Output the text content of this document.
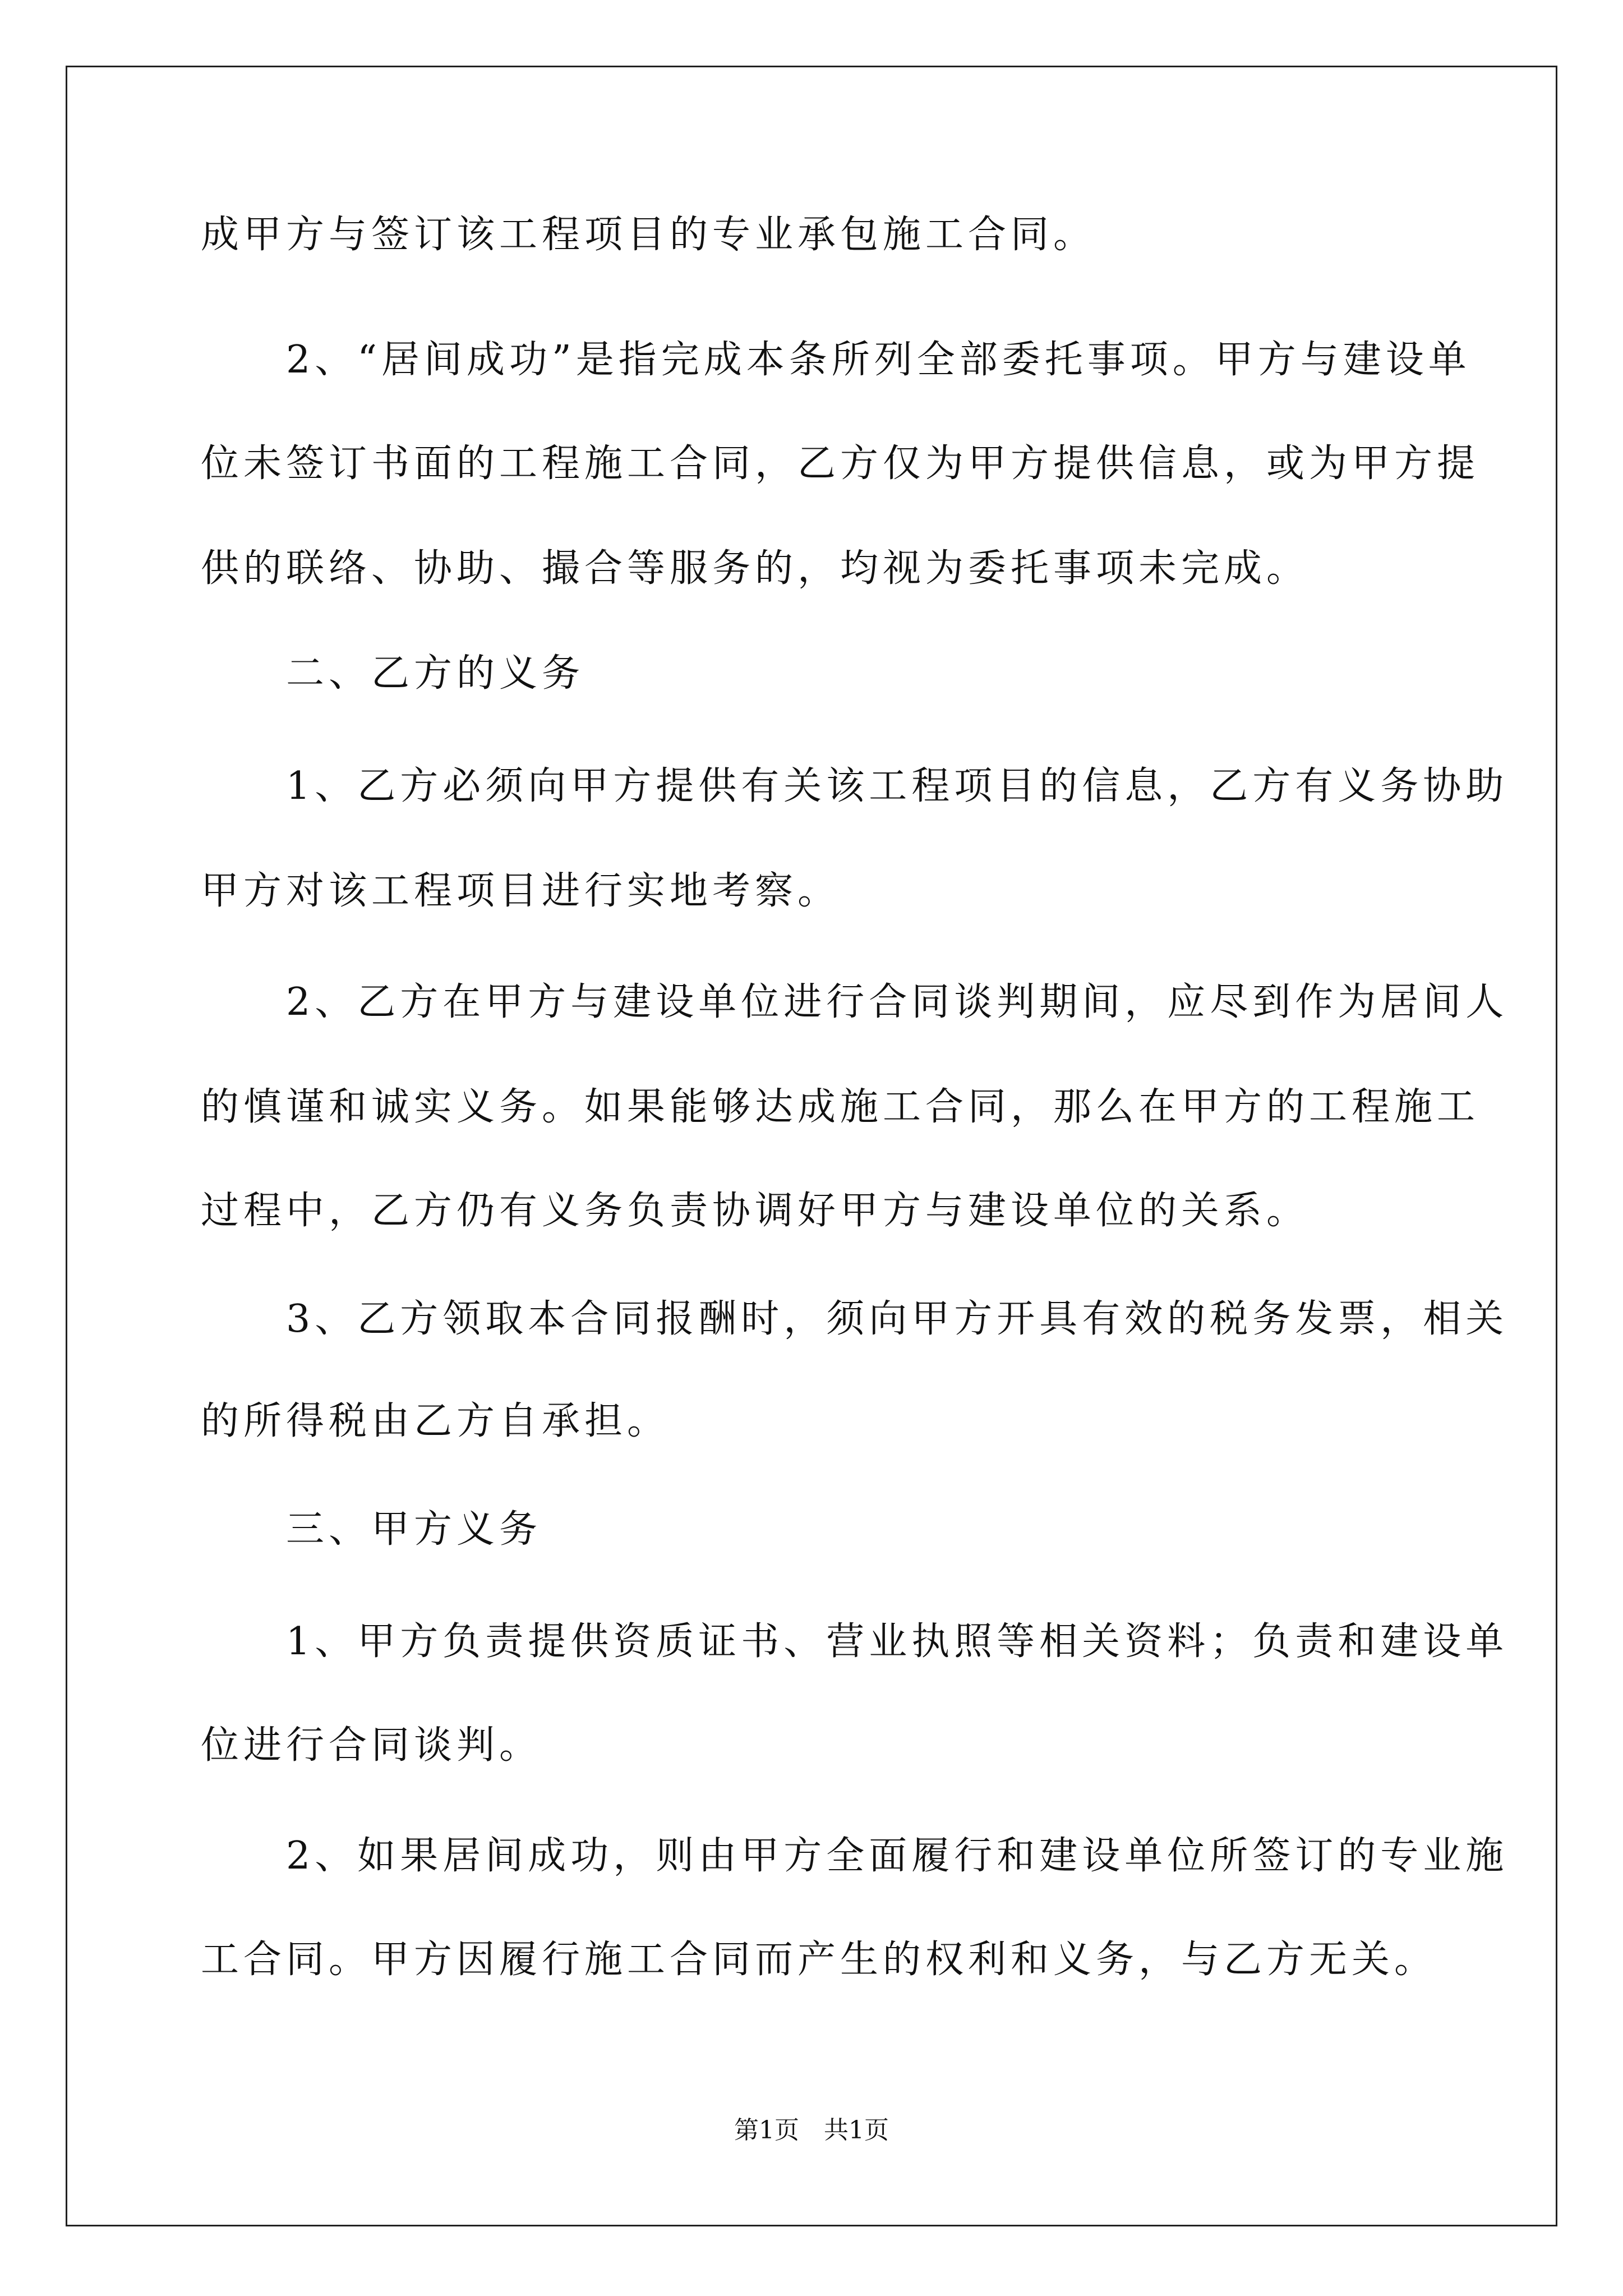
成甲方与签订该工程项目的专业承包施工合同。
　　2、“居间成功”是指完成本条所列全部委托事项。甲方与建设单
位未签订书面的工程施工合同，乙方仅为甲方提供信息，或为甲方提
供的联络、协助、撮合等服务的，均视为委托事项未完成。
　　二、乙方的义务
　　1、乙方必须向甲方提供有关该工程项目的信息，乙方有义务协助
甲方对该工程项目进行实地考察。
　　2、乙方在甲方与建设单位进行合同谈判期间，应尽到作为居间人
的慎谨和诚实义务。如果能够达成施工合同，那么在甲方的工程施工
过程中，乙方仍有义务负责协调好甲方与建设单位的关系。
　　3、乙方领取本合同报酬时，须向甲方开具有效的税务发票，相关
的所得税由乙方自承担。
　　三、甲方义务
　　1、甲方负责提供资质证书、营业执照等相关资料；负责和建设单
位进行合同谈判。
　　2、如果居间成功，则由甲方全面履行和建设单位所签订的专业施
工合同。甲方因履行施工合同而产生的权利和义务，与乙方无关。
第1页　共1页
